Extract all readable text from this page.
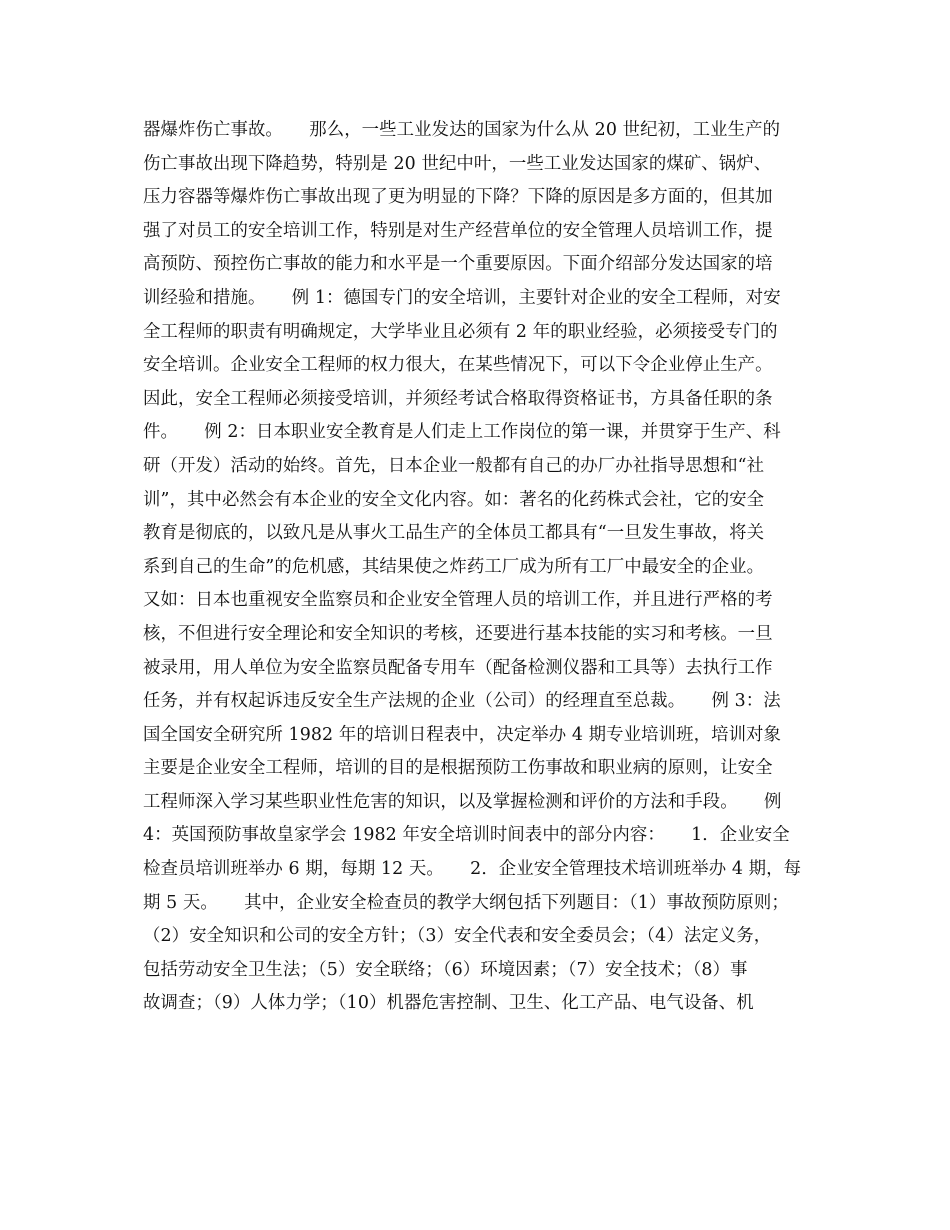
器爆炸伤亡事故。　　那么，一些工业发达的国家为什么从 20 世纪初，工业生产的
伤亡事故出现下降趋势，特别是 20 世纪中叶，一些工业发达国家的煤矿、锅炉、
压力容器等爆炸伤亡事故出现了更为明显的下降？下降的原因是多方面的，但其加
强了对员工的安全培训工作，特别是对生产经营单位的安全管理人员培训工作，提
高预防、预控伤亡事故的能力和水平是一个重要原因。下面介绍部分发达国家的培
训经验和措施。　　例 1：德国专门的安全培训，主要针对企业的安全工程师，对安
全工程师的职责有明确规定，大学毕业且必须有 2 年的职业经验，必须接受专门的
安全培训。企业安全工程师的权力很大，在某些情况下，可以下令企业停止生产。
因此，安全工程师必须接受培训，并须经考试合格取得资格证书，方具备任职的条
件。　　例 2：日本职业安全教育是人们走上工作岗位的第一课，并贯穿于生产、科
研（开发）活动的始终。首先，日本企业一般都有自己的办厂办社指导思想和“社
训”，其中必然会有本企业的安全文化内容。如：著名的化药株式会社，它的安全
教育是彻底的，以致凡是从事火工品生产的全体员工都具有“一旦发生事故，将关
系到自己的生命”的危机感，其结果使之炸药工厂成为所有工厂中最安全的企业。
又如：日本也重视安全监察员和企业安全管理人员的培训工作，并且进行严格的考
核，不但进行安全理论和安全知识的考核，还要进行基本技能的实习和考核。一旦
被录用，用人单位为安全监察员配备专用车（配备检测仪器和工具等）去执行工作
任务，并有权起诉违反安全生产法规的企业（公司）的经理直至总裁。　　例 3：法
国全国安全研究所 1982 年的培训日程表中，决定举办 4 期专业培训班，培训对象
主要是企业安全工程师，培训的目的是根据预防工伤事故和职业病的原则，让安全
工程师深入学习某些职业性危害的知识，以及掌握检测和评价的方法和手段。　　例
4：英国预防事故皇家学会 1982 年安全培训时间表中的部分内容：　　1．企业安全
检查员培训班举办 6 期，每期 12 天。　　2．企业安全管理技术培训班举办 4 期，每
期 5 天。　　其中，企业安全检查员的教学大纲包括下列题目：（1）事故预防原则；
（2）安全知识和公司的安全方针；（3）安全代表和安全委员会；（4）法定义务，
包括劳动安全卫生法；（5）安全联络；（6）环境因素；（7）安全技术；（8）事
故调查；（9）人体力学；（10）机器危害控制、卫生、化工产品、电气设备、机
